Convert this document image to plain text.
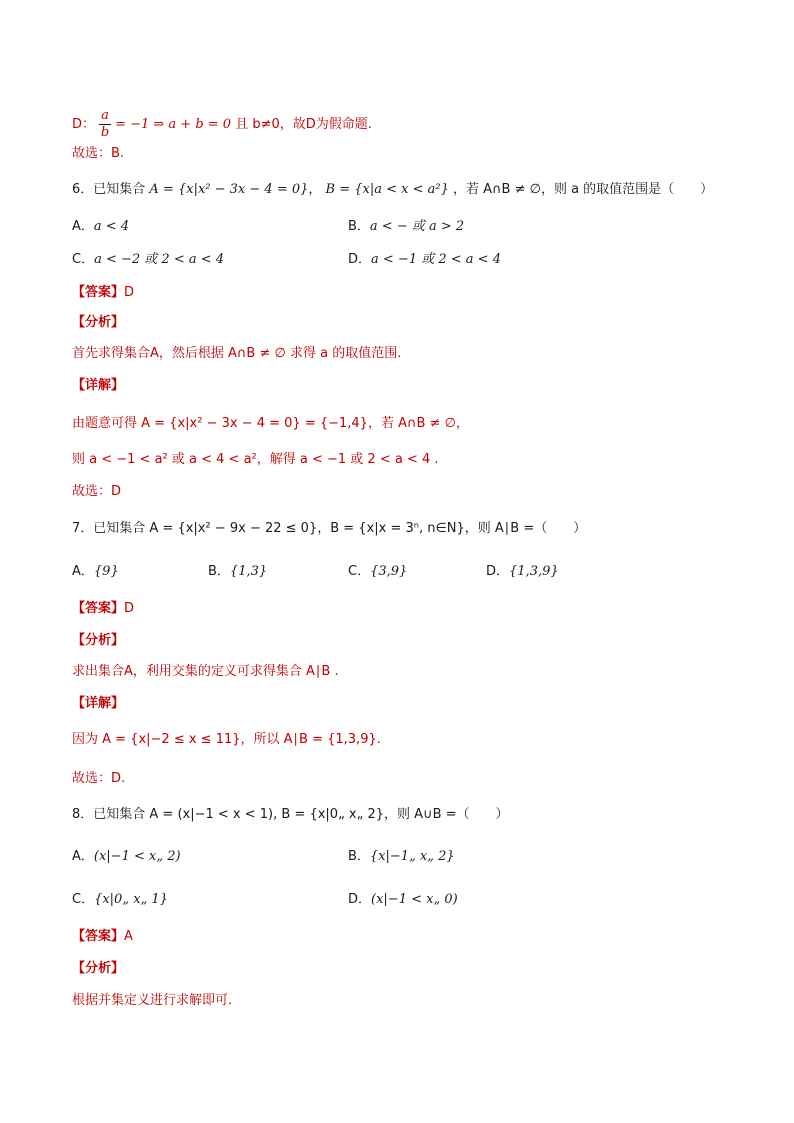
D： $\frac{a}{b} = -1$ ⇒ a + b = 0 且 b≠0，故D为假命题.
故选：B.
6．已知集合 A = {x|x² − 3x − 4 = 0}， B = {x|a < x < a²} ，若 A∩B ≠ ∅，则 a 的取值范围是（　　）
A．a < 4	B．a < − 或 a > 2
C．a < −2 或 2 < a < 4	D．a < −1 或 2 < a < 4
【答案】D
【分析】
首先求得集合A，然后根据 A∩B ≠ ∅ 求得 a 的取值范围.
【详解】
由题意可得 A = {x|x² − 3x − 4 = 0} = {−1,4}，若 A∩B ≠ ∅，
则 a < −1 < a² 或 a < 4 < a²，解得 a < −1 或 2 < a < 4 .
故选：D
7．已知集合 A = {x|x² − 9x − 22 ≤ 0}，B = {x|x = 3ⁿ, n∈N}，则 A∣B =（　　）
A．{9}	B．{1,3}	C．{3,9}	D．{1,3,9}
【答案】D
【分析】
求出集合A，利用交集的定义可求得集合 A∣B .
【详解】
因为 A = {x|−2 ≤ x ≤ 11}，所以 A∣B = {1,3,9}.
故选：D.
8．已知集合 A = (x|−1 < x < 1), B = {x|0„ x„ 2}，则 A∪B =（　　）
A．(x|−1 < x„ 2)	B．{x|−1„ x„ 2}
C．{x|0„ x„ 1}	D．(x|−1 < x„ 0)
【答案】A
【分析】
根据并集定义进行求解即可.
